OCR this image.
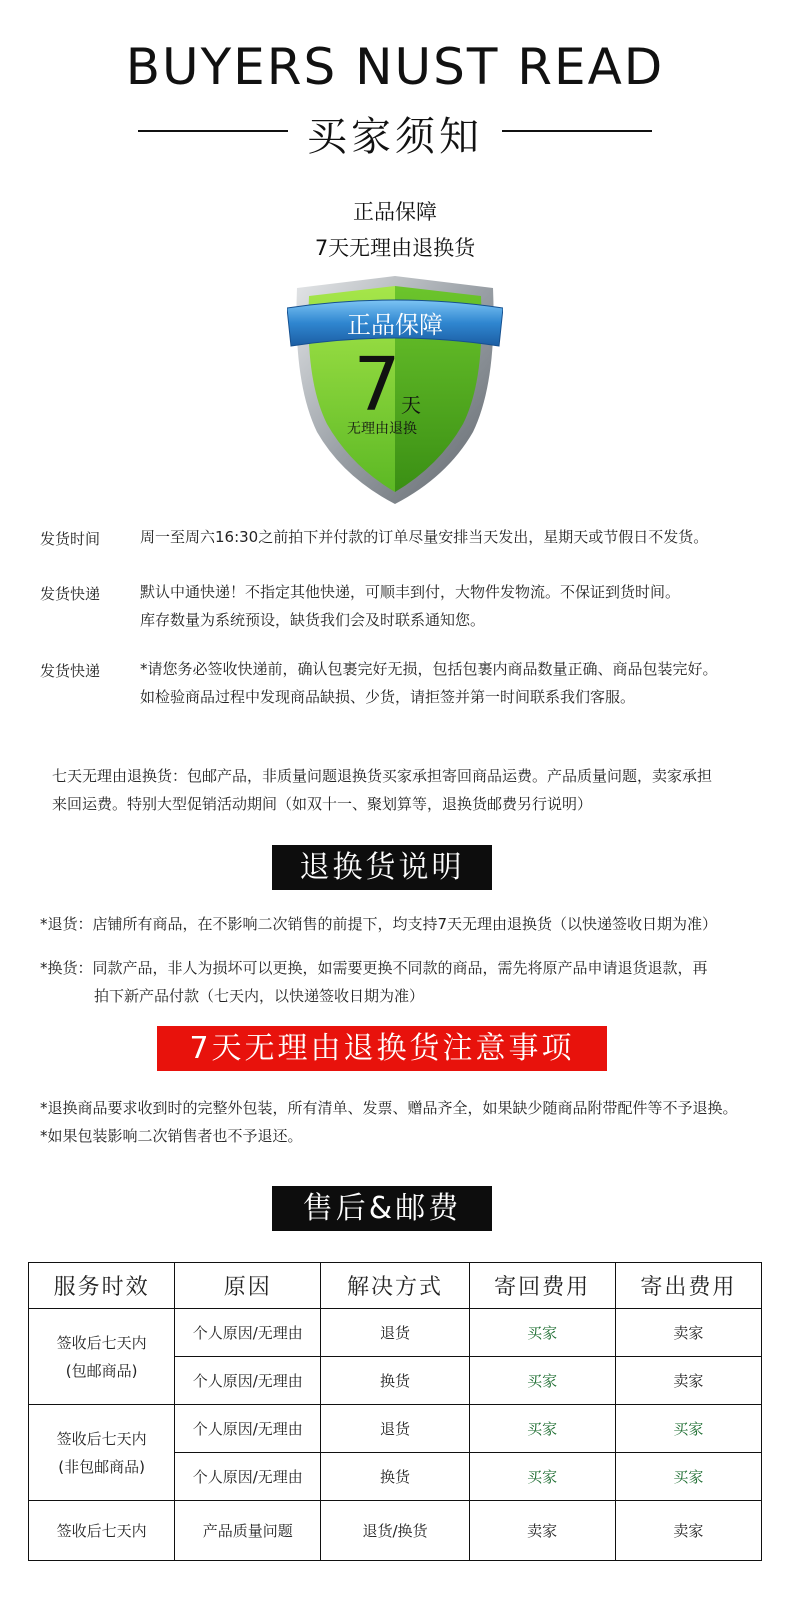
BUYERS NUST READ
买家须知
正品保障
7天无理由退换货
正品保障
7 天
无理由退换
发货时间	周一至周六16:30之前拍下并付款的订单尽量安排当天发出，星期天或节假日不发货。
发货快递	默认中通快递！不指定其他快递，可顺丰到付，大物件发物流。不保证到货时间。
库存数量为系统预设，缺货我们会及时联系通知您。
发货快递	*请您务必签收快递前，确认包裹完好无损，包括包裹内商品数量正确、商品包装完好。
如检验商品过程中发现商品缺损、少货，请拒签并第一时间联系我们客服。
七天无理由退换货：包邮产品，非质量问题退换货买家承担寄回商品运费。产品质量问题，卖家承担
来回运费。特别大型促销活动期间（如双十一、聚划算等，退换货邮费另行说明）
退换货说明
*退货：店铺所有商品，在不影响二次销售的前提下，均支持7天无理由退换货（以快递签收日期为准）
*换货：同款产品，非人为损坏可以更换，如需要更换不同款的商品，需先将原产品申请退货退款，再
拍下新产品付款（七天内，以快递签收日期为准）
7天无理由退换货注意事项
*退换商品要求收到时的完整外包装，所有清单、发票、赠品齐全，如果缺少随商品附带配件等不予退换。
*如果包装影响二次销售者也不予退还。
售后&邮费
服务时效	原因	解决方式	寄回费用	寄出费用

签收后七天内
(包邮商品)	个人原因/无理由	退货	买家	卖家
	个人原因/无理由	换货	买家	卖家

签收后七天内
(非包邮商品)	个人原因/无理由	退货	买家	买家
	个人原因/无理由	换货	买家	买家
签收后七天内	产品质量问题	退货/换货	卖家	卖家
